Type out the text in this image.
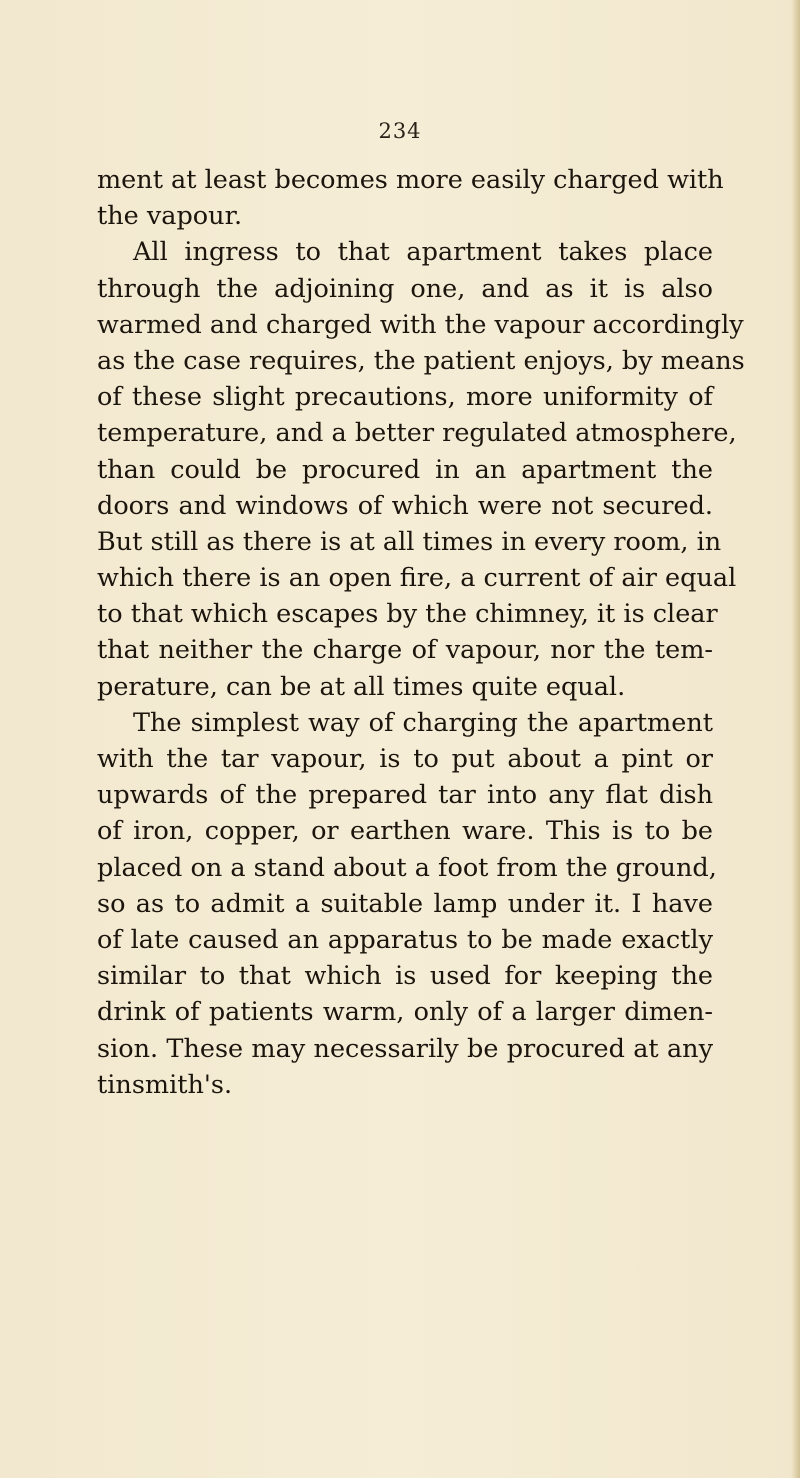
234
ment at least becomes more easily charged with
the vapour.
All ingress to that apartment takes place
through the adjoining one, and as it is also
warmed and charged with the vapour accordingly
as the case requires, the patient enjoys, by means
of these slight precautions, more uniformity of
temperature, and a better regulated atmosphere,
than could be procured in an apartment the
doors and windows of which were not secured.
But still as there is at all times in every room, in
which there is an open fire, a current of air equal
to that which escapes by the chimney, it is clear
that neither the charge of vapour, nor the tem-
perature, can be at all times quite equal.
The simplest way of charging the apartment
with the tar vapour, is to put about a pint or
upwards of the prepared tar into any flat dish
of iron, copper, or earthen ware. This is to be
placed on a stand about a foot from the ground,
so as to admit a suitable lamp under it. I have
of late caused an apparatus to be made exactly
similar to that which is used for keeping the
drink of patients warm, only of a larger dimen-
sion. These may necessarily be procured at any
tinsmith's.
